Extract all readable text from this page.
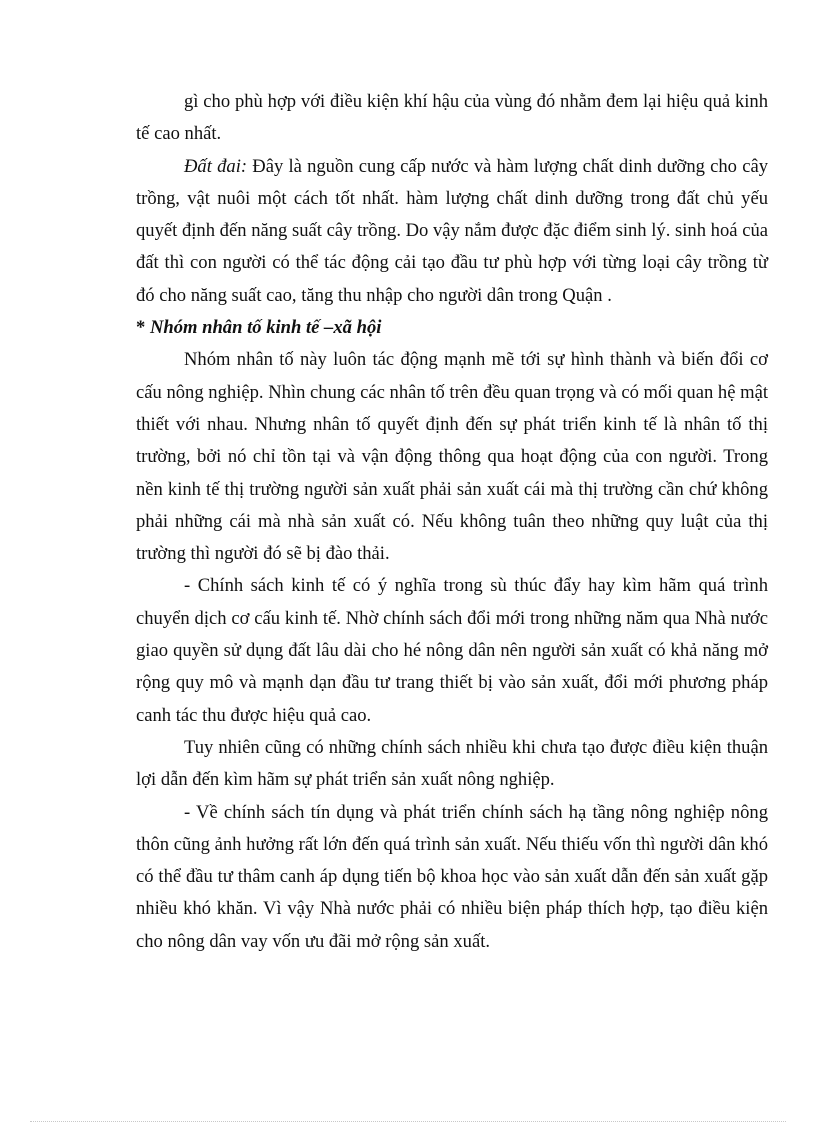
gì cho phù hợp với điều kiện khí hậu của vùng đó nhằm đem lại hiệu quả kinh tế cao nhất.

Đất đai: Đây là nguồn cung cấp nước và hàm lượng chất dinh dưỡng cho cây trồng, vật nuôi một cách tốt nhất. hàm lượng chất dinh dưỡng trong đất chủ yếu quyết định đến năng suất cây trồng. Do vậy nắm được đặc điểm sinh lý. sinh hoá của đất thì con người có thể tác động cải tạo đầu tư phù hợp với từng loại cây trồng từ đó cho năng suất cao, tăng thu nhập cho người dân trong Quận .

* Nhóm nhân tố kinh tế –xã hội

Nhóm nhân tố này luôn tác động mạnh mẽ tới sự hình thành và biến đổi cơ cấu nông nghiệp. Nhìn chung các nhân tố trên đều quan trọng và có mối quan hệ mật thiết với nhau. Nhưng nhân tố quyết định đến sự phát triển kinh tế là nhân tố thị trường, bởi nó chỉ tồn tại và vận động thông qua hoạt động của con người. Trong nền kinh tế thị trường người sản xuất phải sản xuất cái mà thị trường cần chứ không phải những cái mà nhà sản xuất có. Nếu không tuân theo những quy luật của thị trường thì người đó sẽ bị đào thải.

- Chính sách kinh tế có ý nghĩa trong sù thúc đẩy hay kìm hãm quá trình chuyển dịch cơ cấu kinh tế. Nhờ chính sách đổi mới trong những năm qua Nhà nước giao quyền sử dụng đất lâu dài cho hé nông dân nên người sản xuất có khả năng mở rộng quy mô và mạnh dạn đầu tư trang thiết bị vào sản xuất, đổi mới phương pháp canh tác thu được hiệu quả cao.

Tuy nhiên cũng có những chính sách nhiều khi chưa tạo được điều kiện thuận lợi dẫn đến kìm hãm sự phát triển sản xuất nông nghiệp.

- Về chính sách tín dụng và phát triển chính sách hạ tầng nông nghiệp nông thôn cũng ảnh hưởng rất lớn đến quá trình sản xuất. Nếu thiếu vốn thì người dân khó có thể đầu tư thâm canh áp dụng tiến bộ khoa học vào sản xuất dẫn đến sản xuất gặp nhiều khó khăn. Vì vậy Nhà nước phải có nhiều biện pháp thích hợp, tạo điều kiện cho nông dân vay vốn ưu đãi mở rộng sản xuất.
